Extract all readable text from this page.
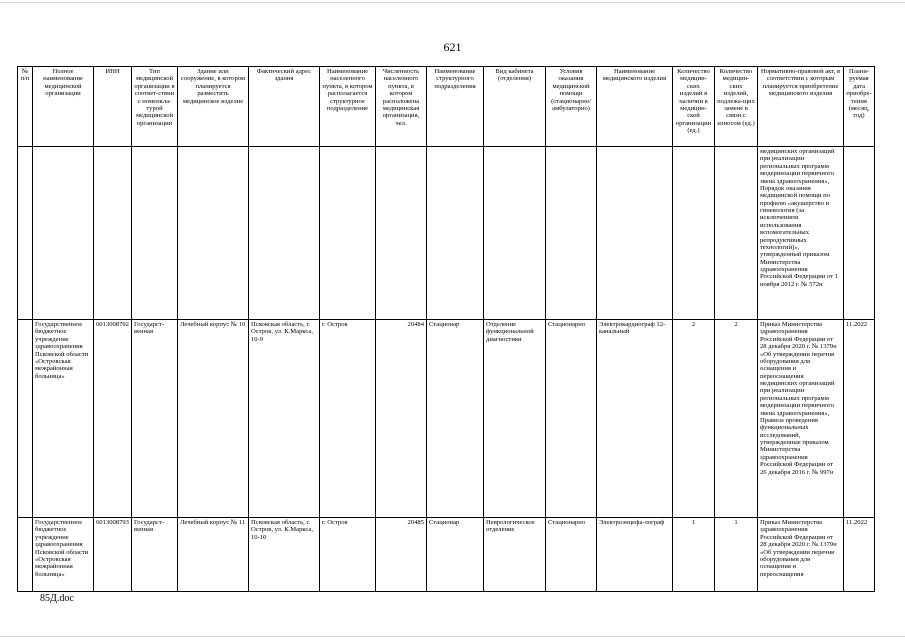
621
№ п/п	Полное наименование медицинской организации	ИНН	Тип медицинской организации в соответ-ствии с номенкла-турой медицинской организации	Здание или сооружение, в котором планируется разместить медицинское изделие	Фактический адрес здания	Наименование населенного пункта, в котором располагается структурное подразделение	Численность населенного пункта, в котором расположена медицинская организация, чел.	Наименование структурного подразделения	Вид кабинета (отделения)	Условия оказания медицинской помощи (стационарно/ амбулаторно)	Наименование медицинского изделия	Количество медицин-ских изделий в наличии в медицин-ской организации (ед.)	Количество медицин-ских изделий, подлежа-щих замене в связи с износом (ед.)	Нормативно-правовой акт, в соответствии с которым планируется приобретение медицинского изделия	Плани-руемая дата приобре-тения (месяц, год)
														медицинских организаций при реализации региональных программ модернизации первичного звена здравоохранения», Порядок оказания медицинской помощи по профилю «акушерство и гинекология (за исключением использования вспомогательных репродуктивных технологий)», утвержденный приказом Министерства здравоохранения Российской Федерации от 1 ноября 2012 г. № 572н	
	Государственное бюджетное учреждение здравоохранения Псковской области «Островская межрайонная больница»	6013008792	Государст-венная	Лечебный корпус № 10	Псковская область, г. Остров, ул. К.Маркса, 10-9	г. Остров	20484	Стационар	Отделение функциональной диагностики	Стационарно	Электрокардиограф 12-канальный	2	2	Приказ Министерства здравоохранения Российской Федерации от 28 декабря 2020 г. № 1379н «Об утверждении перечня оборудования для оснащения и переоснащения медицинских организаций при реализации региональных программ модернизации первичного звена здравоохранения», Правила проведения функциональных исследований, утвержденные приказом Министерства здравоохранения Российской Федерации от 26 декабря 2016 г. № 997н	11.2022
	Государственное бюджетное учреждение здравоохранения Псковской области «Островская межрайонная больница»	6013008793	Государст-венная	Лечебный корпус № 11	Псковская область, г. Остров, ул. К.Маркса, 10-10	г. Остров	20485	Стационар	Неврологическое отделение	Стационарно	Электроэнцефа-лограф	1	1	Приказ Министерства здравоохранения Российской Федерации от 28 декабря 2020 г. № 1379н «Об утверждении перечня оборудования для оснащения и переоснащения	11.2022
85Д.doc
